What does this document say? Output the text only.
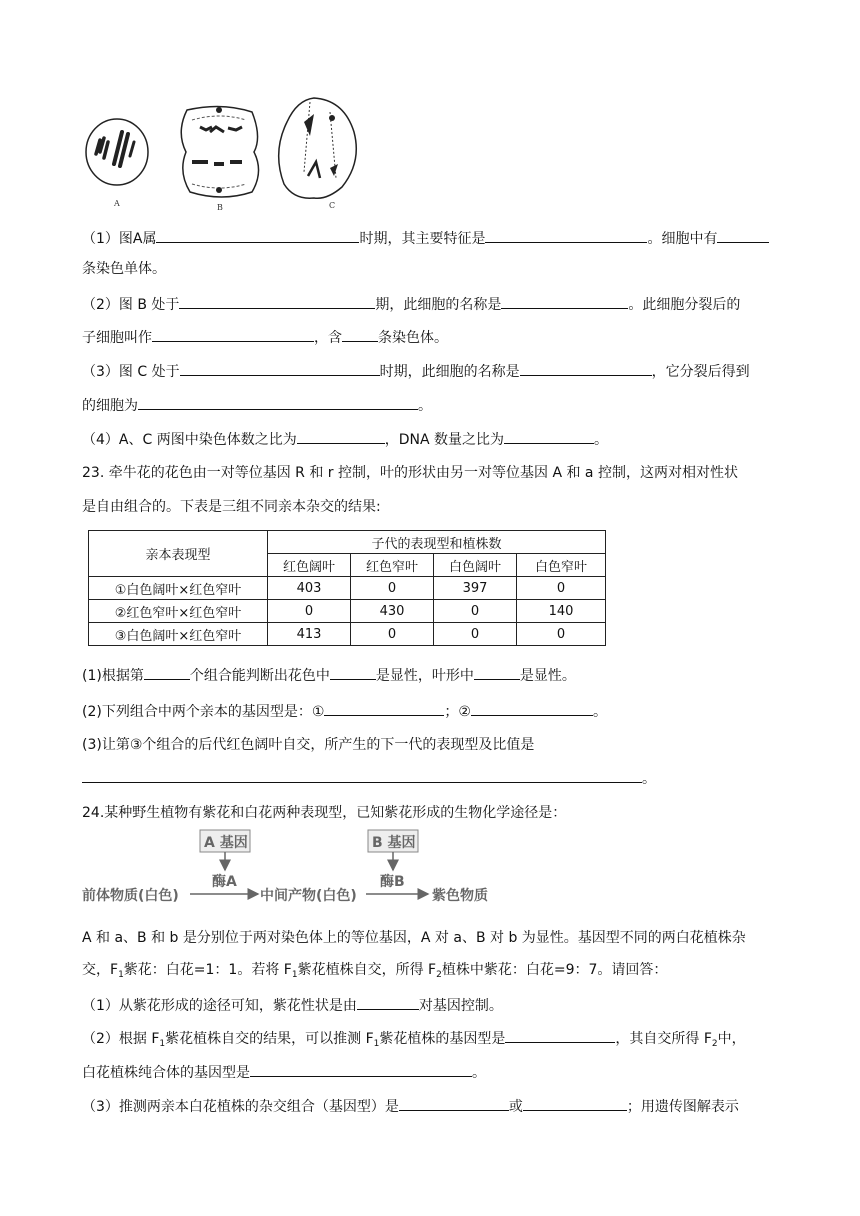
A	B	C
（1）图A属	时期，其主要特征是	。细胞中有
条染色单体。
（2）图 B 处于	期，此细胞的名称是	。此细胞分裂后的
子细胞叫作	，含	条染色体。
（3）图 C 处于	时期，此细胞的名称是	，它分裂后得到
的细胞为	。
（4）A、C 两图中染色体数之比为	，DNA 数量之比为	。
23. 牵牛花的花色由一对等位基因 R 和 r 控制，叶的形状由另一对等位基因 A 和 a 控制，这两对相对性状
是自由组合的。下表是三组不同亲本杂交的结果:
亲本表现型	子代的表现型和植株数			
	红色阔叶	红色窄叶	白色阔叶	白色窄叶
①白色阔叶×红色窄叶	403	0	397	0
②红色窄叶×红色窄叶	0	430	0	140
③白色阔叶×红色窄叶	413	0	0	0
(1)根据第	个组合能判断出花色中	是显性，叶形中	是显性。
(2)下列组合中两个亲本的基因型是：①	；②	。
(3)让第③个组合的后代红色阔叶自交，所产生的下一代的表现型及比值是
。
24.某种野生植物有紫花和白花两种表现型，已知紫花形成的生物化学途径是：
A 基因
酶A
B 基因
酶B
前体物质(白色)	中间产物(白色)	紫色物质
A 和 a、B 和 b 是分别位于两对染色体上的等位基因，A 对 a、B 对 b 为显性。基因型不同的两白花植株杂
交，$F_1$紫花：白花=1：1。若将 $F_1$紫花植株自交，所得 $F_2$植株中紫花：白花=9：7。请回答：
（1）从紫花形成的途径可知，紫花性状是由	对基因控制。
（2）根据 $F_1$紫花植株自交的结果，可以推测 $F_1$紫花植株的基因型是	，其自交所得 $F_2$中，
白花植株纯合体的基因型是	。
（3）推测两亲本白花植株的杂交组合（基因型）是	或	；用遗传图解表示
